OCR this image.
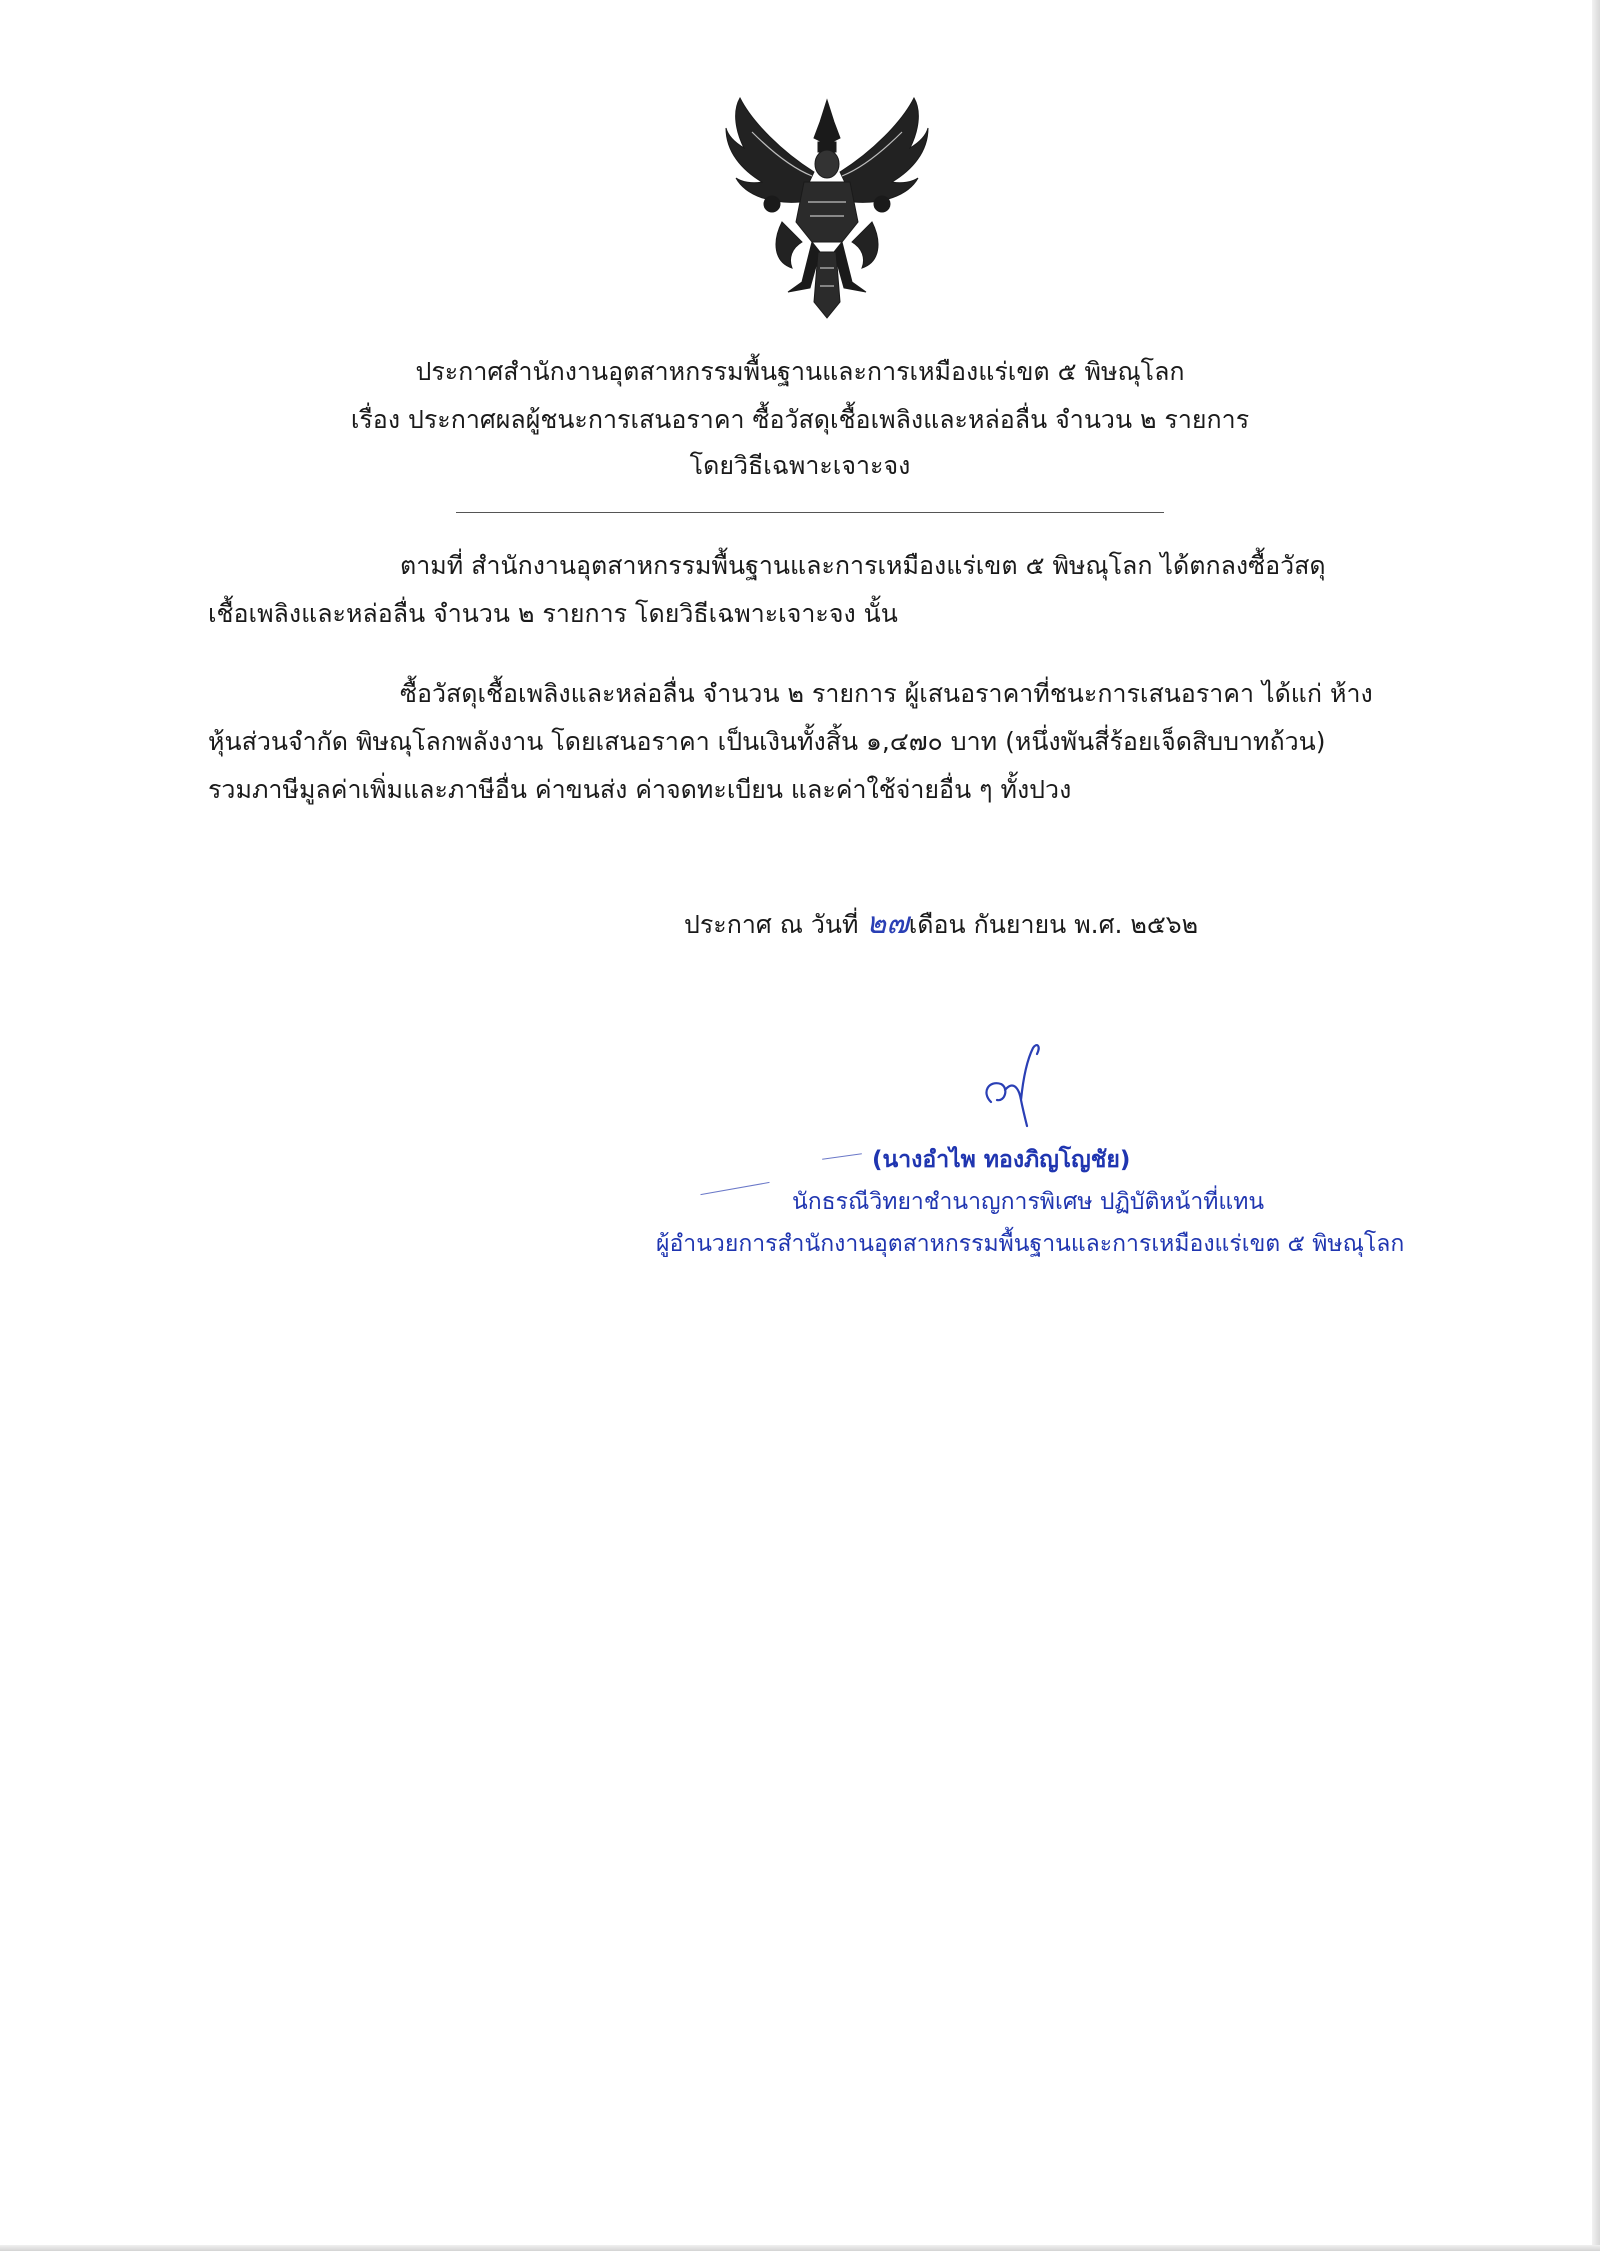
ประกาศสำนักงานอุตสาหกรรมพื้นฐานและการเหมืองแร่เขต ๕ พิษณุโลก
เรื่อง ประกาศผลผู้ชนะการเสนอราคา ซื้อวัสดุเชื้อเพลิงและหล่อลื่น จำนวน ๒ รายการ
โดยวิธีเฉพาะเจาะจง
ตามที่ สำนักงานอุตสาหกรรมพื้นฐานและการเหมืองแร่เขต ๕ พิษณุโลก ได้ตกลงซื้อวัสดุ
เชื้อเพลิงและหล่อลื่น จำนวน ๒ รายการ โดยวิธีเฉพาะเจาะจง นั้น
ซื้อวัสดุเชื้อเพลิงและหล่อลื่น จำนวน ๒ รายการ ผู้เสนอราคาที่ชนะการเสนอราคา ได้แก่ ห้าง
หุ้นส่วนจำกัด พิษณุโลกพลังงาน โดยเสนอราคา เป็นเงินทั้งสิ้น ๑,๔๗๐ บาท (หนึ่งพันสี่ร้อยเจ็ดสิบบาทถ้วน)
รวมภาษีมูลค่าเพิ่มและภาษีอื่น ค่าขนส่ง ค่าจดทะเบียน และค่าใช้จ่ายอื่น ๆ ทั้งปวง
ประกาศ ณ วันที่ ๒๗เดือน กันยายน พ.ศ. ๒๕๖๒
(นางอำไพ ทองภิญโญชัย)
นักธรณีวิทยาชำนาญการพิเศษ ปฏิบัติหน้าที่แทน
ผู้อำนวยการสำนักงานอุตสาหกรรมพื้นฐานและการเหมืองแร่เขต ๕ พิษณุโลก
